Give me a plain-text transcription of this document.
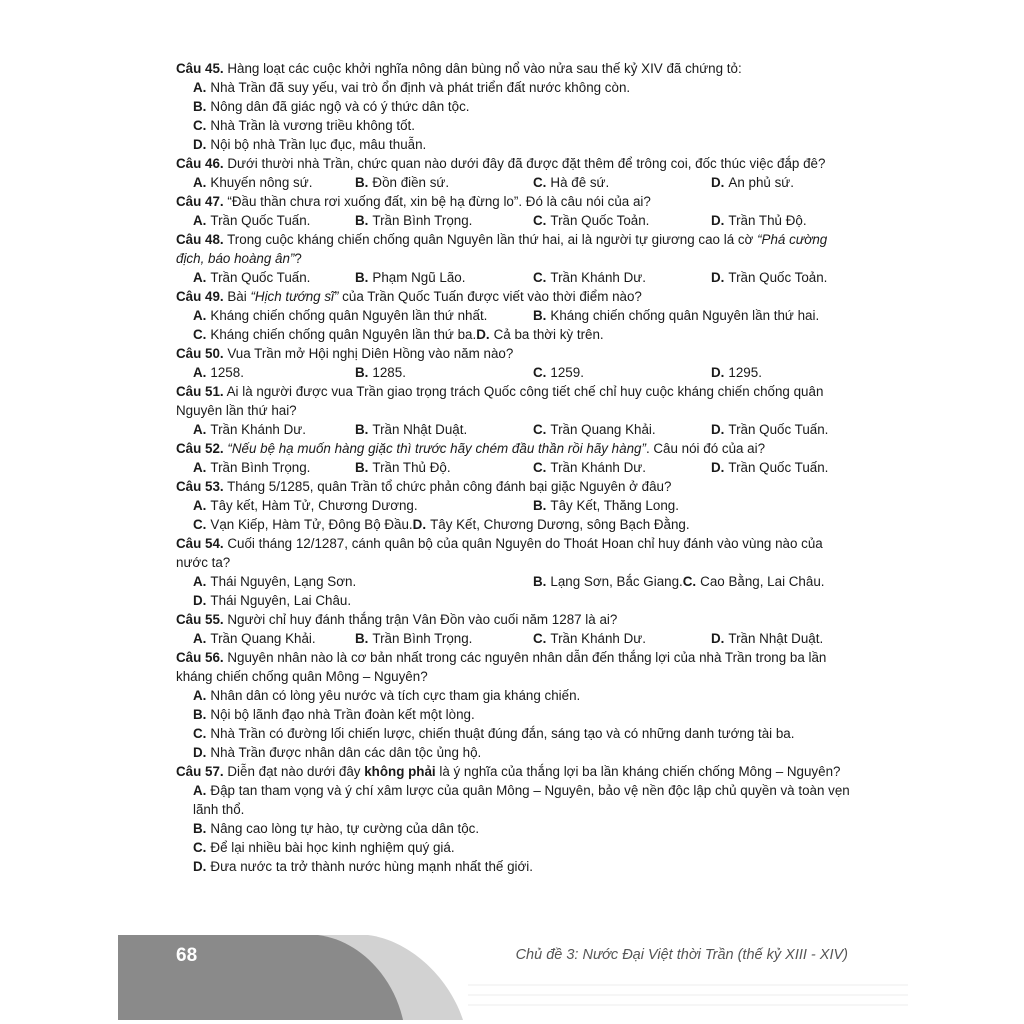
Câu 45. Hàng loạt các cuộc khởi nghĩa nông dân bùng nổ vào nửa sau thế kỷ XIV đã chứng tỏ:
A. Nhà Trần đã suy yếu, vai trò ổn định và phát triển đất nước không còn.
B. Nông dân đã giác ngộ và có ý thức dân tộc.
C. Nhà Trần là vương triều không tốt.
D. Nội bộ nhà Trần lục đục, mâu thuẫn.
Câu 46. Dưới thười nhà Trần, chức quan nào dưới đây đã được đặt thêm để trông coi, đốc thúc việc đắp đê?
A. Khuyến nông sứ.	B. Đồn điền sứ.	C. Hà đê sứ.	D. An phủ sứ.
Câu 47. “Đầu thần chưa rơi xuống đất, xin bệ hạ đừng lo”. Đó là câu nói của ai?
A. Trần Quốc Tuấn.	B. Trần Bình Trọng.	C. Trần Quốc Toản.	D. Trần Thủ Độ.
Câu 48. Trong cuộc kháng chiến chống quân Nguyên lần thứ hai, ai là người tự giương cao lá cờ “Phá cường địch, báo hoàng ân”?
A. Trần Quốc Tuấn.	B. Phạm Ngũ Lão.	C. Trần Khánh Dư.	D. Trần Quốc Toản.
Câu 49. Bài “Hịch tướng sĩ” của Trần Quốc Tuấn được viết vào thời điểm nào?
A. Kháng chiến chống quân Nguyên lần thứ nhất.	B. Kháng chiến chống quân Nguyên lần thứ hai.C. Kháng chiến chống quân Nguyên lần thứ ba.D. Cả ba thời kỳ trên.
Câu 50. Vua Trần mở Hội nghị Diên Hồng vào năm nào?
A. 1258.	B. 1285.	C. 1259.	D. 1295.
Câu 51. Ai là người được vua Trần giao trọng trách Quốc công tiết chế chỉ huy cuộc kháng chiến chống quân Nguyên lần thứ hai?
A. Trần Khánh Dư.	B. Trần Nhật Duật.	C. Trần Quang Khải.	D. Trần Quốc Tuấn.
Câu 52. “Nếu bệ hạ muốn hàng giặc thì trước hãy chém đầu thần rồi hãy hàng”. Câu nói đó của ai?
A. Trần Bình Trọng.	B. Trần Thủ Độ.	C. Trần Khánh Dư.	D. Trần Quốc Tuấn.
Câu 53. Tháng 5/1285, quân Trần tổ chức phản công đánh bại giặc Nguyên ở đâu?
A. Tây kết, Hàm Tử, Chương Dương.	B. Tây Kết, Thăng Long.C. Vạn Kiếp, Hàm Tử, Đông Bộ Đầu.D. Tây Kết, Chương Dương, sông Bạch Đằng.
Câu 54. Cuối tháng 12/1287, cánh quân bộ của quân Nguyên do Thoát Hoan chỉ huy đánh vào vùng nào của nước ta?
A. Thái Nguyên, Lạng Sơn.	B. Lạng Sơn, Bắc Giang.C. Cao Bằng, Lai Châu.D. Thái Nguyên, Lai Châu.
Câu 55. Người chỉ huy đánh thắng trận Vân Đồn vào cuối năm 1287 là ai?
A. Trần Quang Khải.	B. Trần Bình Trọng.	C. Trần Khánh Dư.	D. Trần Nhật Duật.
Câu 56. Nguyên nhân nào là cơ bản nhất trong các nguyên nhân dẫn đến thắng lợi của nhà Trần trong ba lần kháng chiến chống quân Mông – Nguyên?
A. Nhân dân có lòng yêu nước và tích cực tham gia kháng chiến.
B. Nội bộ lãnh đạo nhà Trần đoàn kết một lòng.
C. Nhà Trần có đường lối chiến lược, chiến thuật đúng đắn, sáng tạo và có những danh tướng tài ba.
D. Nhà Trần được nhân dân các dân tộc ủng hộ.
Câu 57. Diễn đạt nào dưới đây không phải là ý nghĩa của thắng lợi ba lần kháng chiến chống Mông – Nguyên?
A. Đập tan tham vọng và ý chí xâm lược của quân Mông – Nguyên, bảo vệ nền độc lập chủ quyền và toàn vẹn lãnh thổ.
B. Nâng cao lòng tự hào, tự cường của dân tộc.
C. Để lại nhiều bài học kinh nghiệm quý giá.
D. Đưa nước ta trở thành nước hùng mạnh nhất thế giới.
68	Chủ đề 3: Nước Đại Việt thời Trần (thế kỷ XIII - XIV)
